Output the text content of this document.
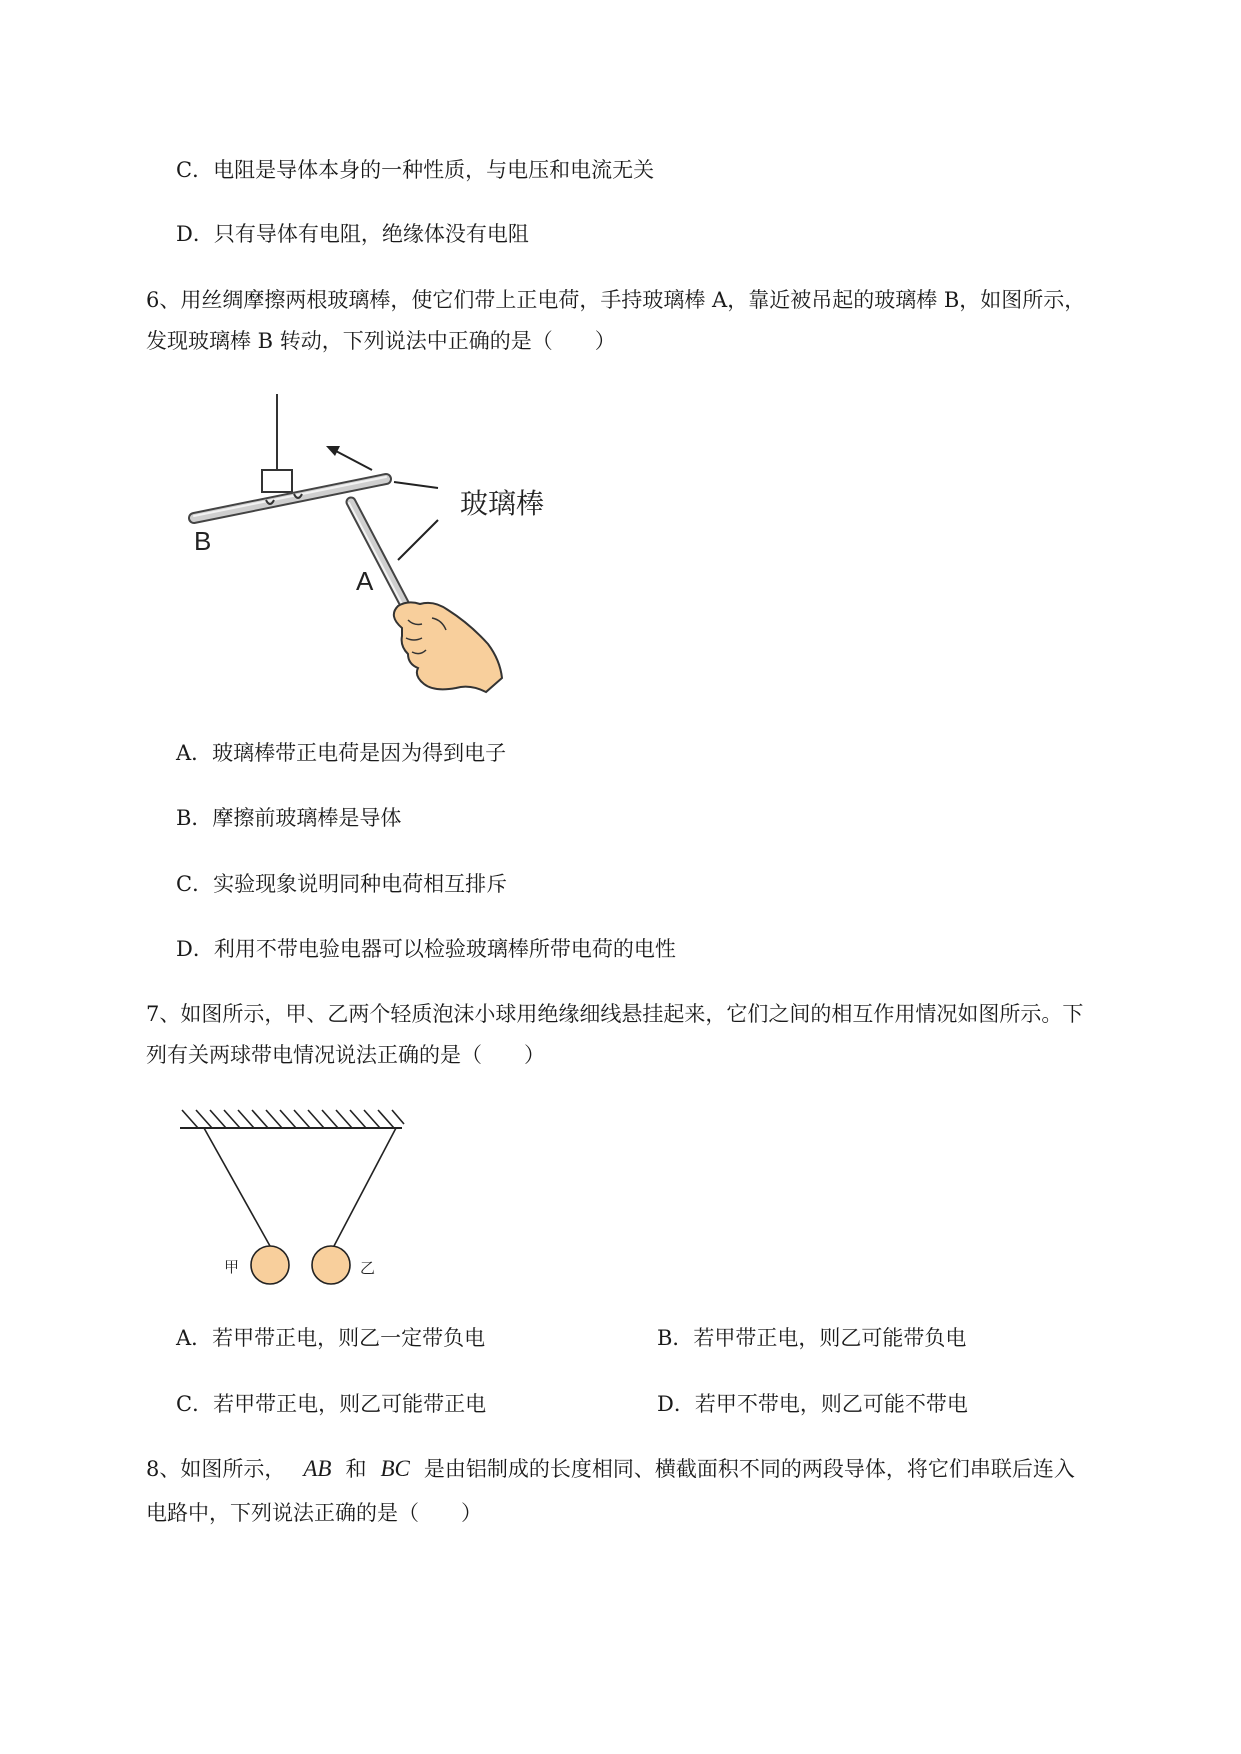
C．电阻是导体本身的一种性质，与电压和电流无关
D．只有导体有电阻，绝缘体没有电阻
6、用丝绸摩擦两根玻璃棒，使它们带上正电荷，手持玻璃棒 A，靠近被吊起的玻璃棒 B，如图所示，
发现玻璃棒 B 转动，下列说法中正确的是（　　）
玻璃棒
B
A
A．玻璃棒带正电荷是因为得到电子
B．摩擦前玻璃棒是导体
C．实验现象说明同种电荷相互排斥
D．利用不带电验电器可以检验玻璃棒所带电荷的电性
7、如图所示，甲、乙两个轻质泡沫小球用绝缘细线悬挂起来，它们之间的相互作用情况如图所示。下
列有关两球带电情况说法正确的是（　　）
甲	乙
A．若甲带正电，则乙一定带负电	B．若甲带正电，则乙可能带负电
C．若甲带正电，则乙可能带正电	D．若甲不带电，则乙可能不带电
8、如图所示， AB 和 BC 是由铝制成的长度相同、横截面积不同的两段导体，将它们串联后连入
电路中，下列说法正确的是（　　）
